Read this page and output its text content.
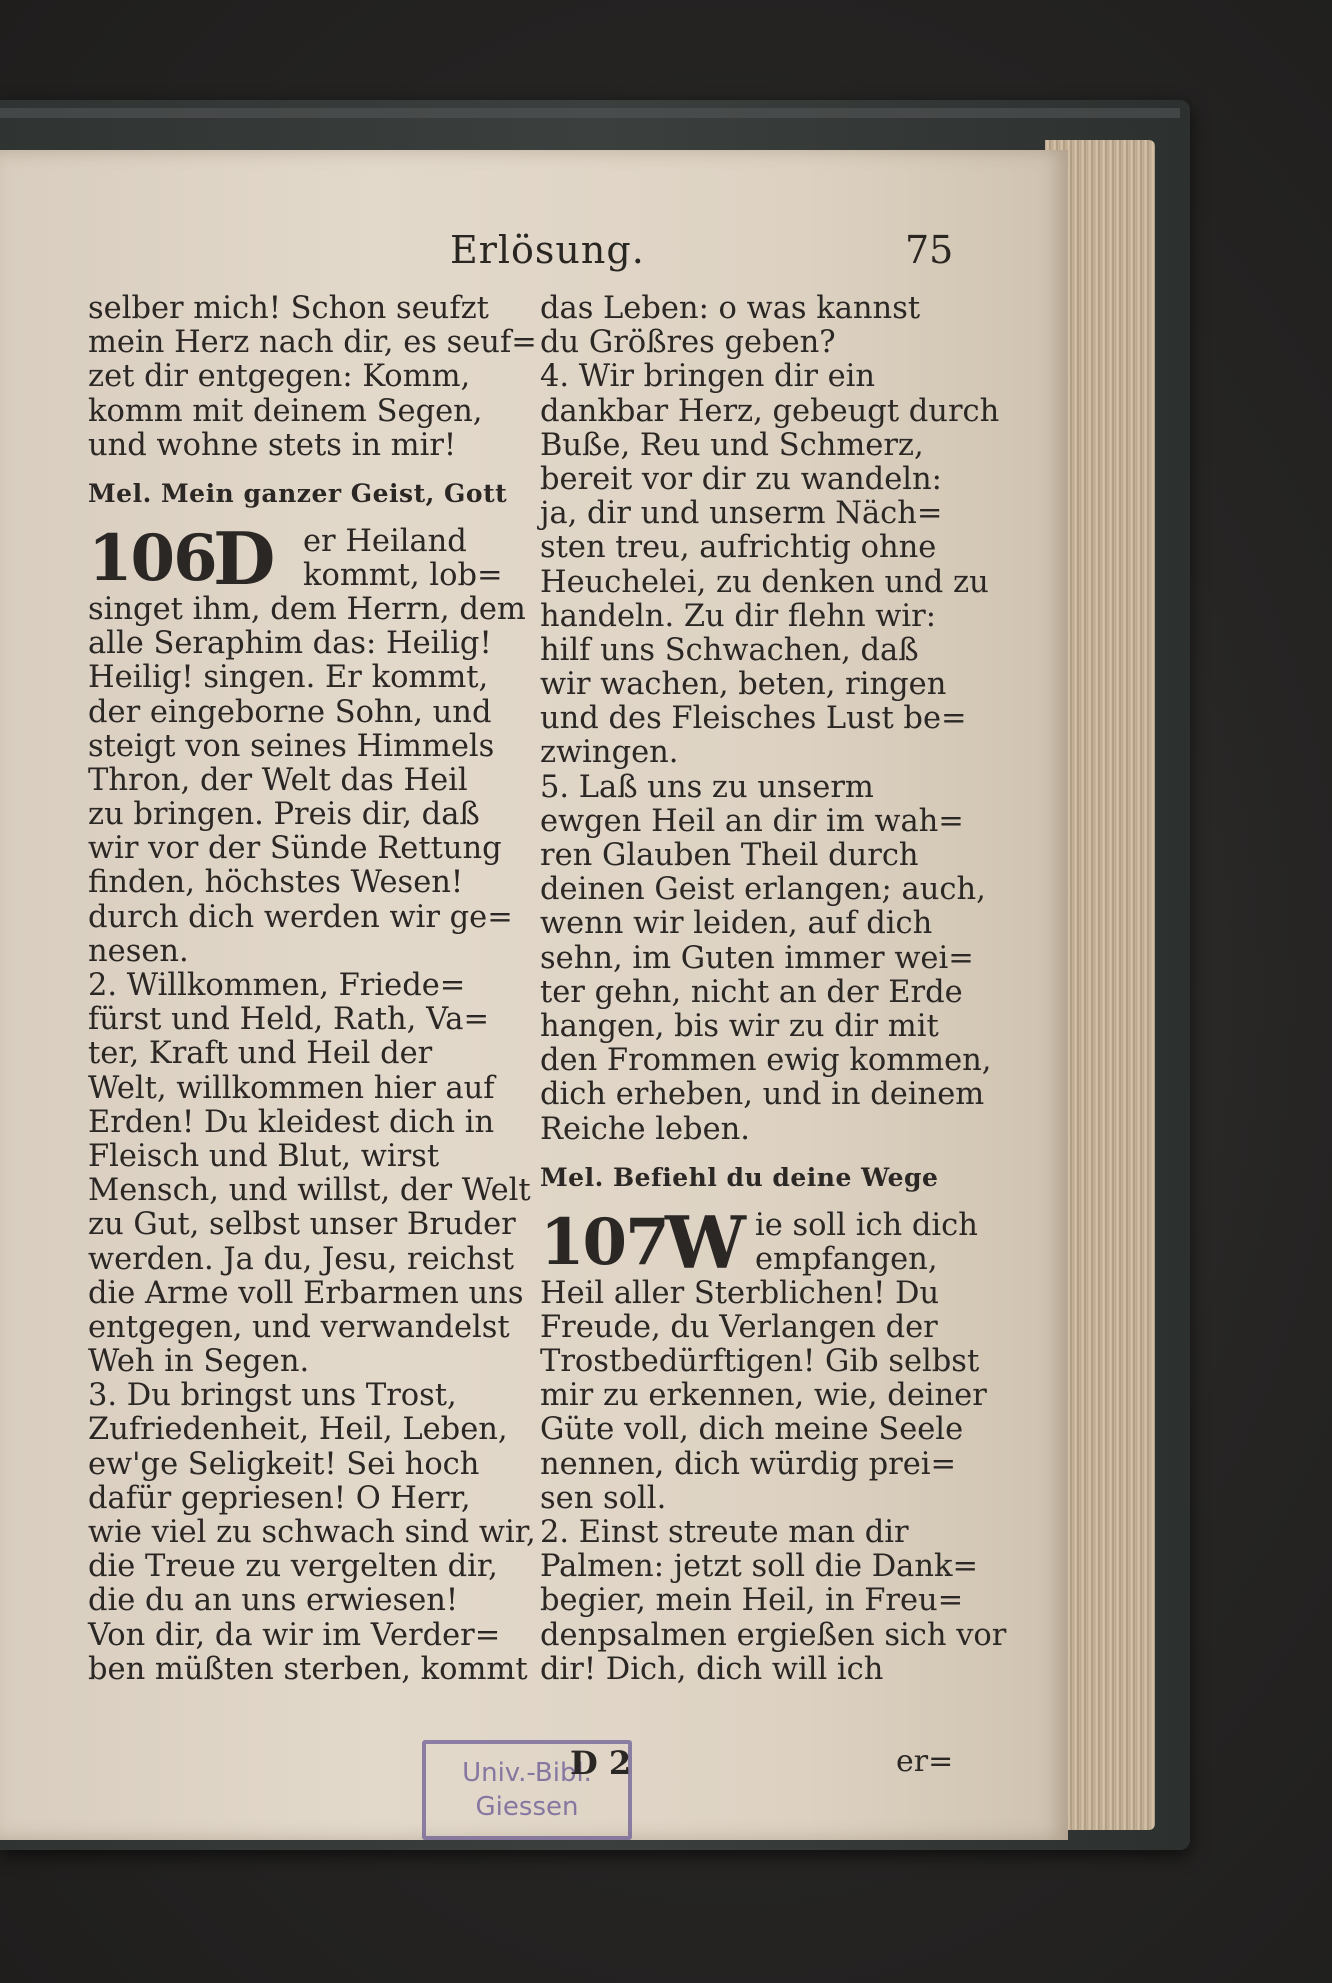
Erlösung.	75
selber mich! Schon seufzt
mein Herz nach dir, es seuf=
zet dir entgegen: Komm,
komm mit deinem Segen,
und wohne stets in mir!
Mel. Mein ganzer Geist, Gott
106
D er Heiland
kommt, lob=
singet ihm, dem Herrn, dem
alle Seraphim das: Heilig!
Heilig! singen. Er kommt,
der eingeborne Sohn, und
steigt von seines Himmels
Thron, der Welt das Heil
zu bringen. Preis dir, daß
wir vor der Sünde Rettung
finden, höchstes Wesen!
durch dich werden wir ge=
nesen.
2. Willkommen, Friede=
fürst und Held, Rath, Va=
ter, Kraft und Heil der
Welt, willkommen hier auf
Erden! Du kleidest dich in
Fleisch und Blut, wirst
Mensch, und willst, der Welt
zu Gut, selbst unser Bruder
werden. Ja du, Jesu, reichst
die Arme voll Erbarmen uns
entgegen, und verwandelst
Weh in Segen.
3. Du bringst uns Trost,
Zufriedenheit, Heil, Leben,
ew'ge Seligkeit! Sei hoch
dafür gepriesen! O Herr,
wie viel zu schwach sind wir,
die Treue zu vergelten dir,
die du an uns erwiesen!
Von dir, da wir im Verder=
ben müßten sterben, kommt
das Leben: o was kannst
du Größres geben?
4. Wir bringen dir ein
dankbar Herz, gebeugt durch
Buße, Reu und Schmerz,
bereit vor dir zu wandeln:
ja, dir und unserm Näch=
sten treu, aufrichtig ohne
Heuchelei, zu denken und zu
handeln. Zu dir flehn wir:
hilf uns Schwachen, daß
wir wachen, beten, ringen
und des Fleisches Lust be=
zwingen.
5. Laß uns zu unserm
ewgen Heil an dir im wah=
ren Glauben Theil durch
deinen Geist erlangen; auch,
wenn wir leiden, auf dich
sehn, im Guten immer wei=
ter gehn, nicht an der Erde
hangen, bis wir zu dir mit
den Frommen ewig kommen,
dich erheben, und in deinem
Reiche leben.
Mel. Befiehl du deine Wege
107
W ie soll ich dich
empfangen,
Heil aller Sterblichen! Du
Freude, du Verlangen der
Trostbedürftigen! Gib selbst
mir zu erkennen, wie, deiner
Güte voll, dich meine Seele
nennen, dich würdig prei=
sen soll.
2. Einst streute man dir
Palmen: jetzt soll die Dank=
begier, mein Heil, in Freu=
denpsalmen ergießen sich vor
dir! Dich, dich will ich
Univ.-Bibl.
Giessen
D 2	er=
